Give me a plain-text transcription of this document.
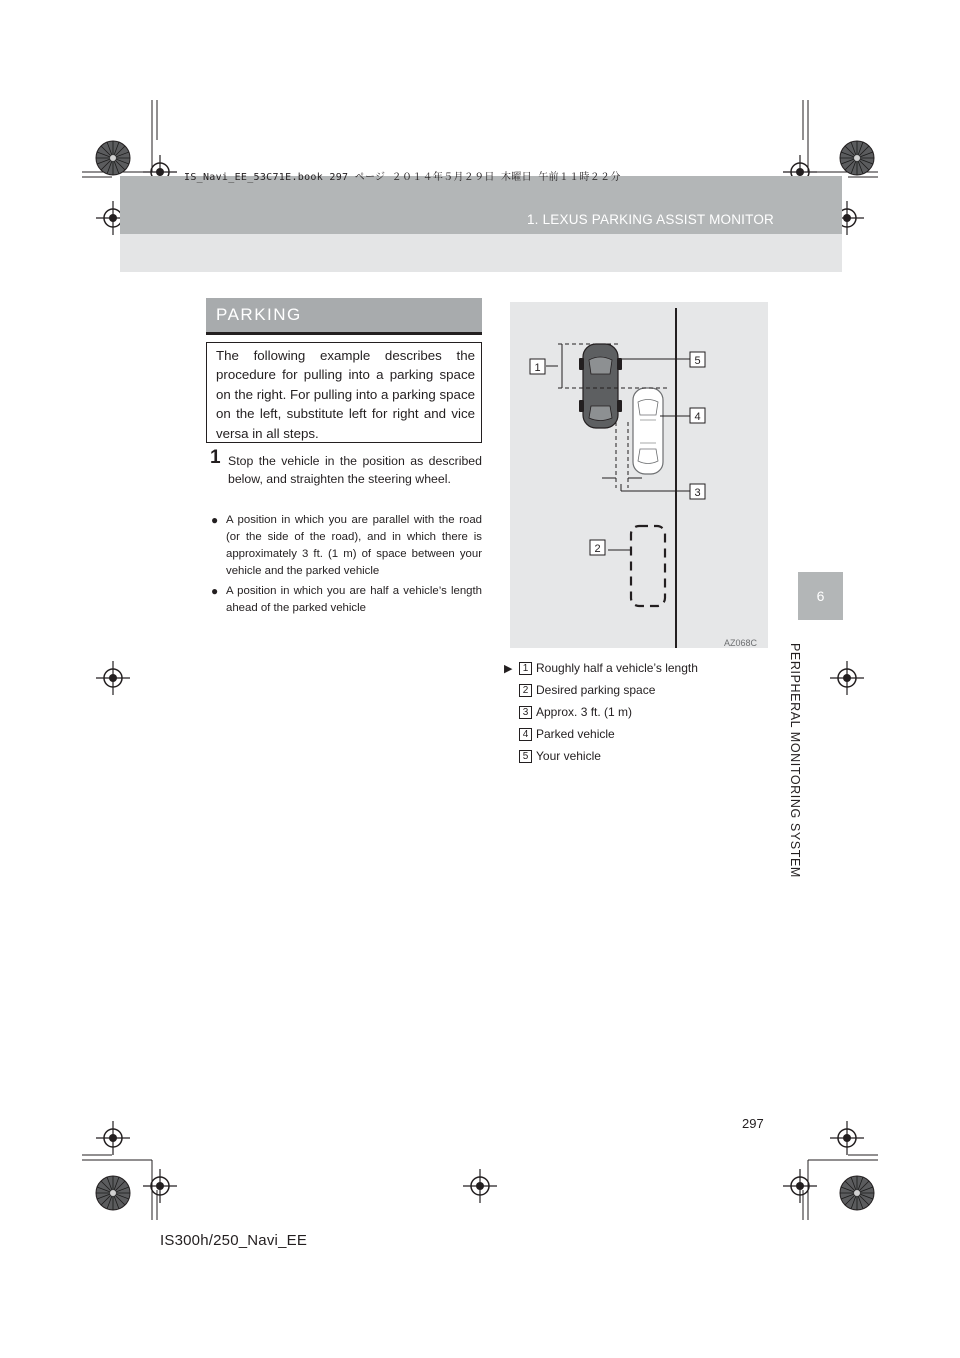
IS_Navi_EE_53C71E.book 297 ページ ２０１４年５月２９日 木曜日 午前１１時２２分
1. LEXUS PARKING ASSIST MONITOR
6
PERIPHERAL MONITORING SYSTEM
PARKING
The following example describes the procedure for pulling into a parking space on the right. For pulling into a parking space on the left, substitute left for right and vice versa in all steps.
1 Stop the vehicle in the position as described below, and straighten the steering wheel.
● A position in which you are parallel with the road (or the side of the road), and in which there is approximately 3 ft. (1 m) of space between your vehicle and the parked vehicle
● A position in which you are half a vehicle’s length ahead of the parked vehicle
1
2
3
4
5
AZ068C
▶	1 Roughly half a vehicle’s length
2 Desired parking space
3 Approx. 3 ft. (1 m)
4 Parked vehicle
5 Your vehicle
297
IS300h/250_Navi_EE
